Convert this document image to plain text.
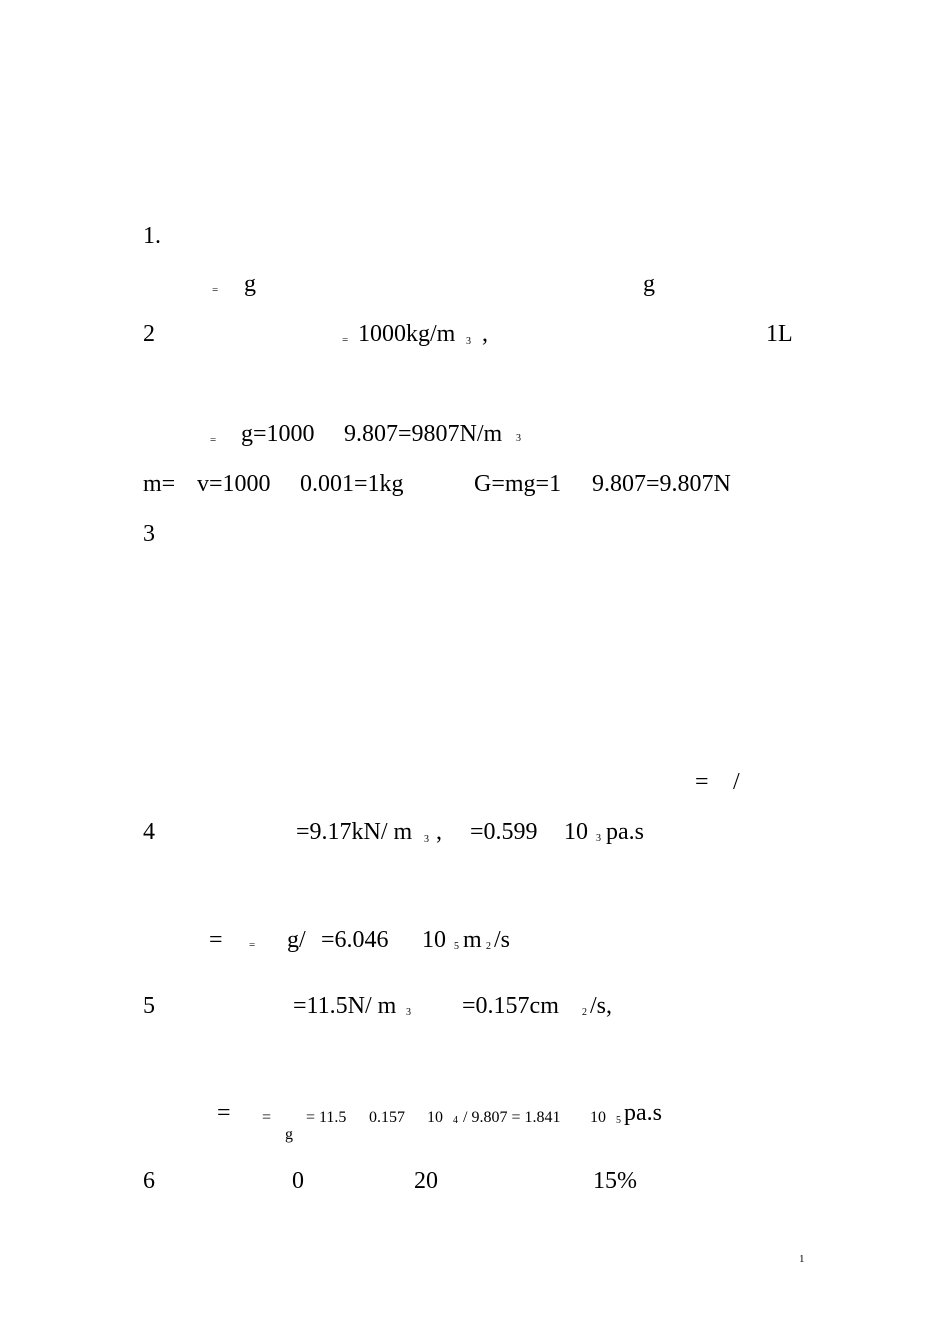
1.
= g	g
2	= 1000kg/m 3 ,	1L
= g=1000 9.807=9807N/m 3
m= v=1000 0.001=1kg	G=mg=1 9.807=9.807N
3
= /
4	=9.17kN/ m 3 , =0.599 10 3 pa.s
= = g/ =6.046 10 5 m 2 /s
5	=11.5N/ m 3 =0.157cm 2 /s,
= =
g
= 11.5 0.157 10 4 / 9.807 = 1.841 10 5 pa.s
6	0	20	15%
1
